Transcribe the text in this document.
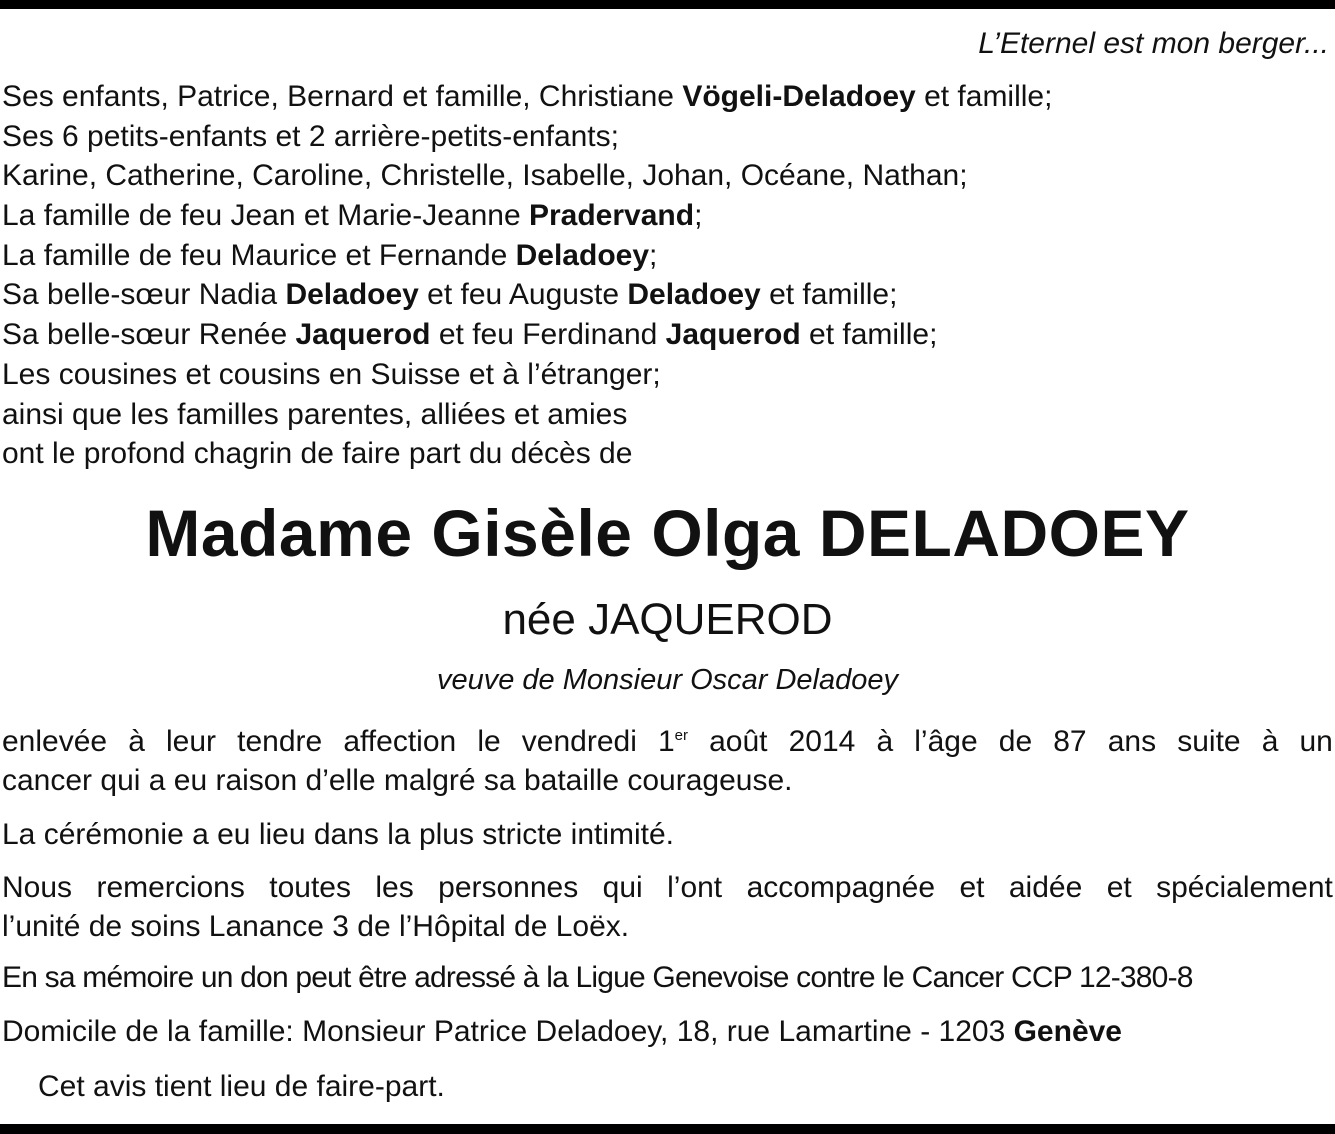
L’Eternel est mon berger...
Ses enfants, Patrice, Bernard et famille, Christiane Vögeli-Deladoey et famille;
Ses 6 petits-enfants et 2 arrière-petits-enfants;
Karine, Catherine, Caroline, Christelle, Isabelle, Johan, Océane, Nathan;
La famille de feu Jean et Marie-Jeanne Pradervand;
La famille de feu Maurice et Fernande Deladoey;
Sa belle-sœur Nadia Deladoey et feu Auguste Deladoey et famille;
Sa belle-sœur Renée Jaquerod et feu Ferdinand Jaquerod et famille;
Les cousines et cousins en Suisse et à l’étranger;
ainsi que les familles parentes, alliées et amies
ont le profond chagrin de faire part du décès de
Madame Gisèle Olga DELADOEY
née JAQUEROD
veuve de Monsieur Oscar Deladoey
enlevée à leur tendre affection le vendredi 1er août 2014 à l’âge de 87 ans suite à un
cancer qui a eu raison d’elle malgré sa bataille courageuse.
La cérémonie a eu lieu dans la plus stricte intimité.
Nous remercions toutes les personnes qui l’ont accompagnée et aidée et spécialement
l’unité de soins Lanance 3 de l’Hôpital de Loëx.
En sa mémoire un don peut être adressé à la Ligue Genevoise contre le Cancer CCP 12-380-8
Domicile de la famille: Monsieur Patrice Deladoey, 18, rue Lamartine - 1203 Genève
Cet avis tient lieu de faire-part.
